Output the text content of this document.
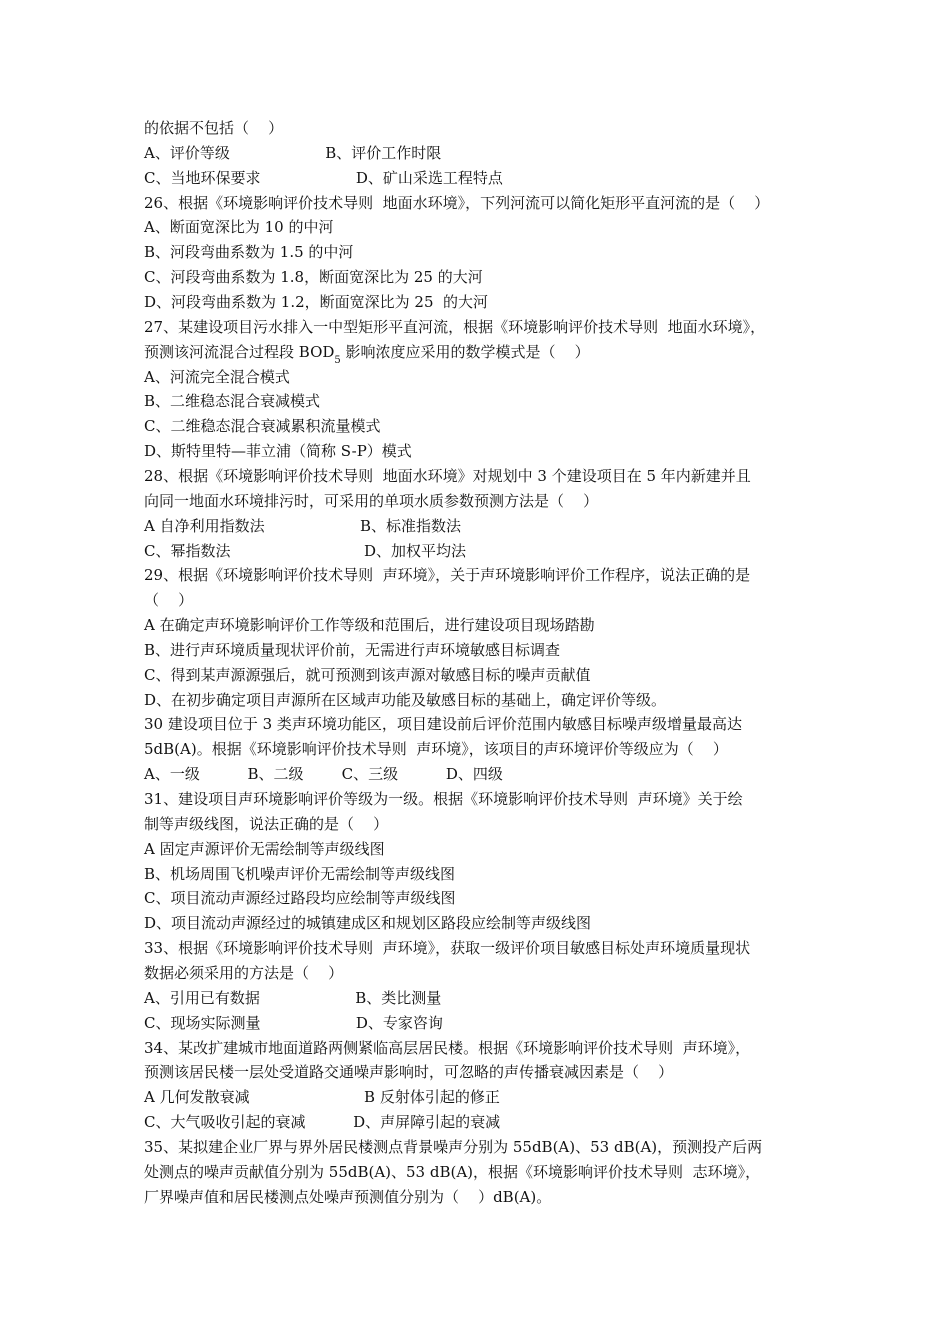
的依据不包括（    ）
A、评价等级                    B、评价工作时限
C、当地环保要求                    D、矿山采选工程特点
26、根据《环境影响评价技术导则  地面水环境》，下列河流可以简化矩形平直河流的是（    ）
A、断面宽深比为 10 的中河
B、河段弯曲系数为 1.5 的中河
C、河段弯曲系数为 1.8，断面宽深比为 25 的大河
D、河段弯曲系数为 1.2，断面宽深比为 25  的大河
27、某建设项目污水排入一中型矩形平直河流，根据《环境影响评价技术导则  地面水环境》，
预测该河流混合过程段 $BOD_5$ 影响浓度应采用的数学模式是（    ）
A、河流完全混合模式
B、二维稳态混合衰减模式
C、二维稳态混合衰减累积流量模式
D、斯特里特—菲立浦（简称 S-P）模式
28、根据《环境影响评价技术导则  地面水环境》对规划中 3 个建设项目在 5 年内新建并且
向同一地面水环境排污时，可采用的单项水质参数预测方法是（    ）
A 自净利用指数法                    B、标准指数法
C、幂指数法                            D、加权平均法
29、根据《环境影响评价技术导则  声环境》，关于声环境影响评价工作程序，说法正确的是
（    ）
A 在确定声环境影响评价工作等级和范围后，进行建设项目现场踏勘
B、进行声环境质量现状评价前，无需进行声环境敏感目标调查
C、得到某声源源强后，就可预测到该声源对敏感目标的噪声贡献值
D、在初步确定项目声源所在区域声功能及敏感目标的基础上，确定评价等级。
30 建设项目位于 3 类声环境功能区，项目建设前后评价范围内敏感目标噪声级增量最高达
5dB(A)。根据《环境影响评价技术导则  声环境》，该项目的声环境评价等级应为（    ）
A、一级          B、二级        C、三级          D、四级
31、建设项目声环境影响评价等级为一级。根据《环境影响评价技术导则  声环境》关于绘
制等声级线图，说法正确的是（    ）
A 固定声源评价无需绘制等声级线图
B、机场周围飞机噪声评价无需绘制等声级线图
C、项目流动声源经过路段均应绘制等声级线图
D、项目流动声源经过的城镇建成区和规划区路段应绘制等声级线图
33、根据《环境影响评价技术导则  声环境》，获取一级评价项目敏感目标处声环境质量现状
数据必须采用的方法是（    ）
A、引用已有数据                    B、类比测量
C、现场实际测量                    D、专家咨询
34、某改扩建城市地面道路两侧紧临高层居民楼。根据《环境影响评价技术导则  声环境》，
预测该居民楼一层处受道路交通噪声影响时，可忽略的声传播衰减因素是（    ）
A 几何发散衰减                        B 反射体引起的修正
C、大气吸收引起的衰减          D、声屏障引起的衰减
35、某拟建企业厂界与界外居民楼测点背景噪声分别为 55dB(A)、53 dB(A)，预测投产后两
处测点的噪声贡献值分别为 55dB(A)、53 dB(A)，根据《环境影响评价技术导则  志环境》，
厂界噪声值和居民楼测点处噪声预测值分别为（    ）dB(A)。
